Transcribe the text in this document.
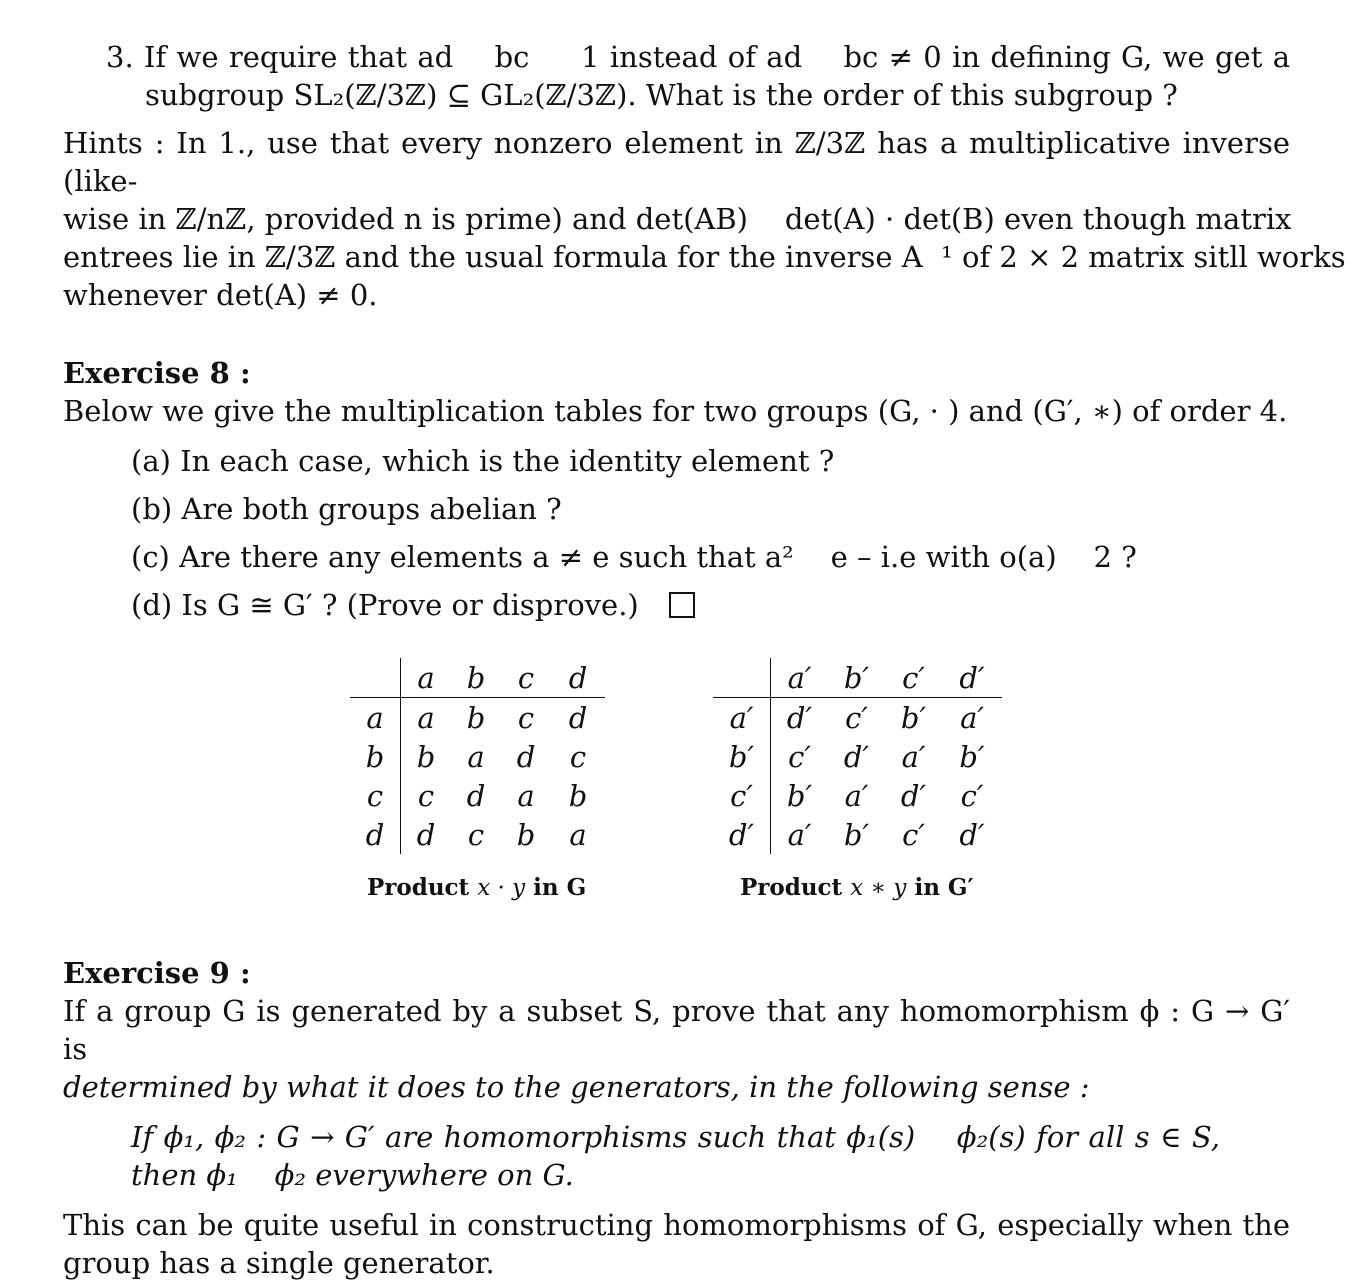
3. If we require that ad    bc     1 instead of ad    bc ≠ 0 in defining G, we get a

subgroup SL₂(ℤ/3ℤ) ⊆ GL₂(ℤ/3ℤ). What is the order of this subgroup ?

Hints : In 1., use that every nonzero element in ℤ/3ℤ has a multiplicative inverse (like-

wise in ℤ/nℤ, provided n is prime) and det(AB)    det(A) · det(B) even though matrix

entrees lie in ℤ/3ℤ and the usual formula for the inverse A  ¹ of 2 × 2 matrix sitll works

whenever det(A) ≠ 0.

Exercise 8 :

Below we give the multiplication tables for two groups (G, · ) and (G′, ∗) of order 4.

(a) In each case, which is the identity element ?

(b) Are both groups abelian ?

(c) Are there any elements a ≠ e such that a²    e – i.e with o(a)    2 ?

(d) Is G ≅ G′ ? (Prove or disprove.)

	a	b	c	d
a	a	b	c	d
b	b	a	d	c
c	c	d	a	b
d	d	c	b	a
Product x · y in G
	a′	b′	c′	d′
a′	d′	c′	b′	a′
b′	c′	d′	a′	b′
c′	b′	a′	d′	c′
d′	a′	b′	c′	d′
Product x ∗ y in G′

Exercise 9 :

If a group G is generated by a subset S, prove that any homomorphism ϕ : G → G′ is

determined by what it does to the generators, in the following sense :

If ϕ₁, ϕ₂ : G → G′ are homomorphisms such that ϕ₁(s)    ϕ₂(s) for all s ∈ S,

then ϕ₁    ϕ₂ everywhere on G.

This can be quite useful in constructing homomorphisms of G, especially when the

group has a single generator.
